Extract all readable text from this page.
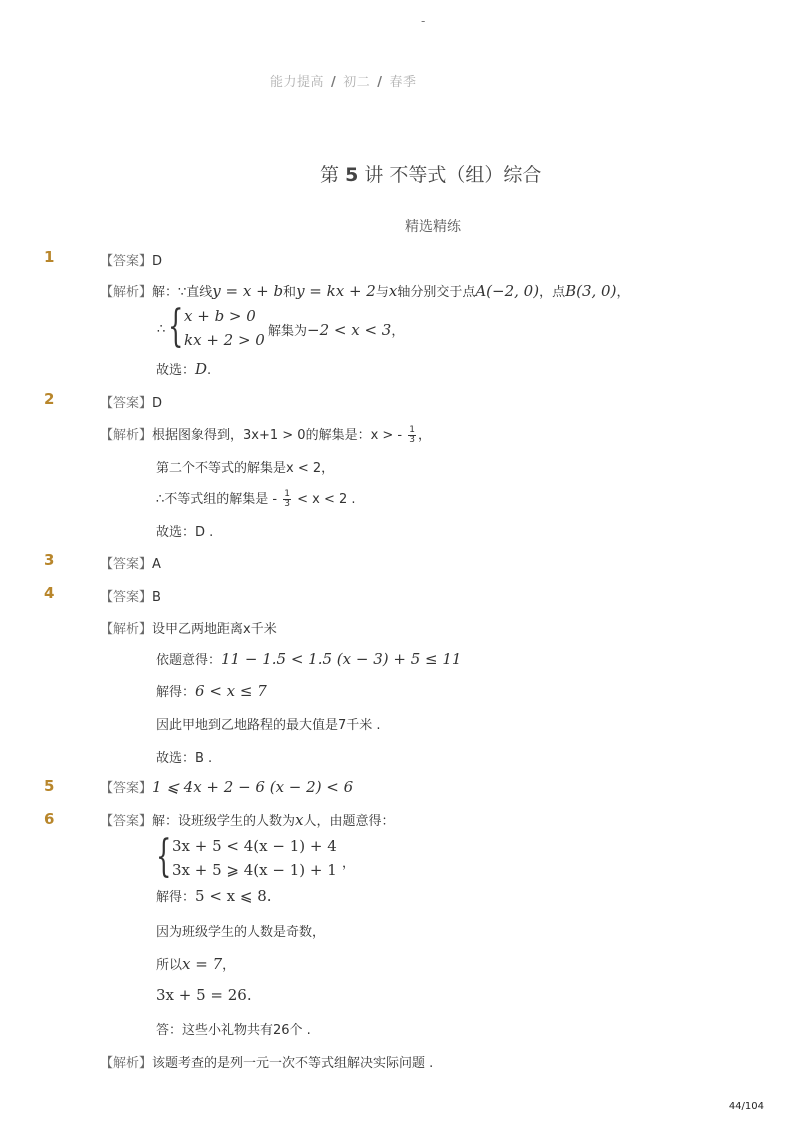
-
能力提高 / 初二 / 春季
第 5 讲 不等式（组）综合
精选精练
1	【答案】D
【解析】解：∵直线y = x + b和y = kx + 2与x轴分别交于点A(−2, 0)，点B(3, 0)，
∴ { x + b > 0
kx + 2 > 0 解集为−2 < x < 3，
故选：D.
2	【答案】D
【解析】根据图象得到，3x+1 > 0的解集是：x > - $\frac{1}{3}$ ，
第二个不等式的解集是x < 2，
∴不等式组的解集是 - $\frac{1}{3} < x < 2$ .
故选：D .
3	【答案】A
4	【答案】B
【解析】设甲乙两地距离x千米
依题意得：11 − 1.5 < 1.5 (x − 3) + 5 ≤ 11
解得：6 < x ≤ 7
因此甲地到乙地路程的最大值是7千米 .
故选：B .
5	【答案】1 ⩽ 4x + 2 − 6 (x − 2) < 6
6	【答案】解：设班级学生的人数为x人，由题意得：
{ 3x + 5 < 4(x − 1) + 4
3x + 5 ⩾ 4(x − 1) + 1 ，
解得：5 < x ⩽ 8.
因为班级学生的人数是奇数，
所以x = 7，
3x + 5 = 26.
答：这些小礼物共有26个 .
【解析】该题考查的是列一元一次不等式组解决实际问题 .
44/104
